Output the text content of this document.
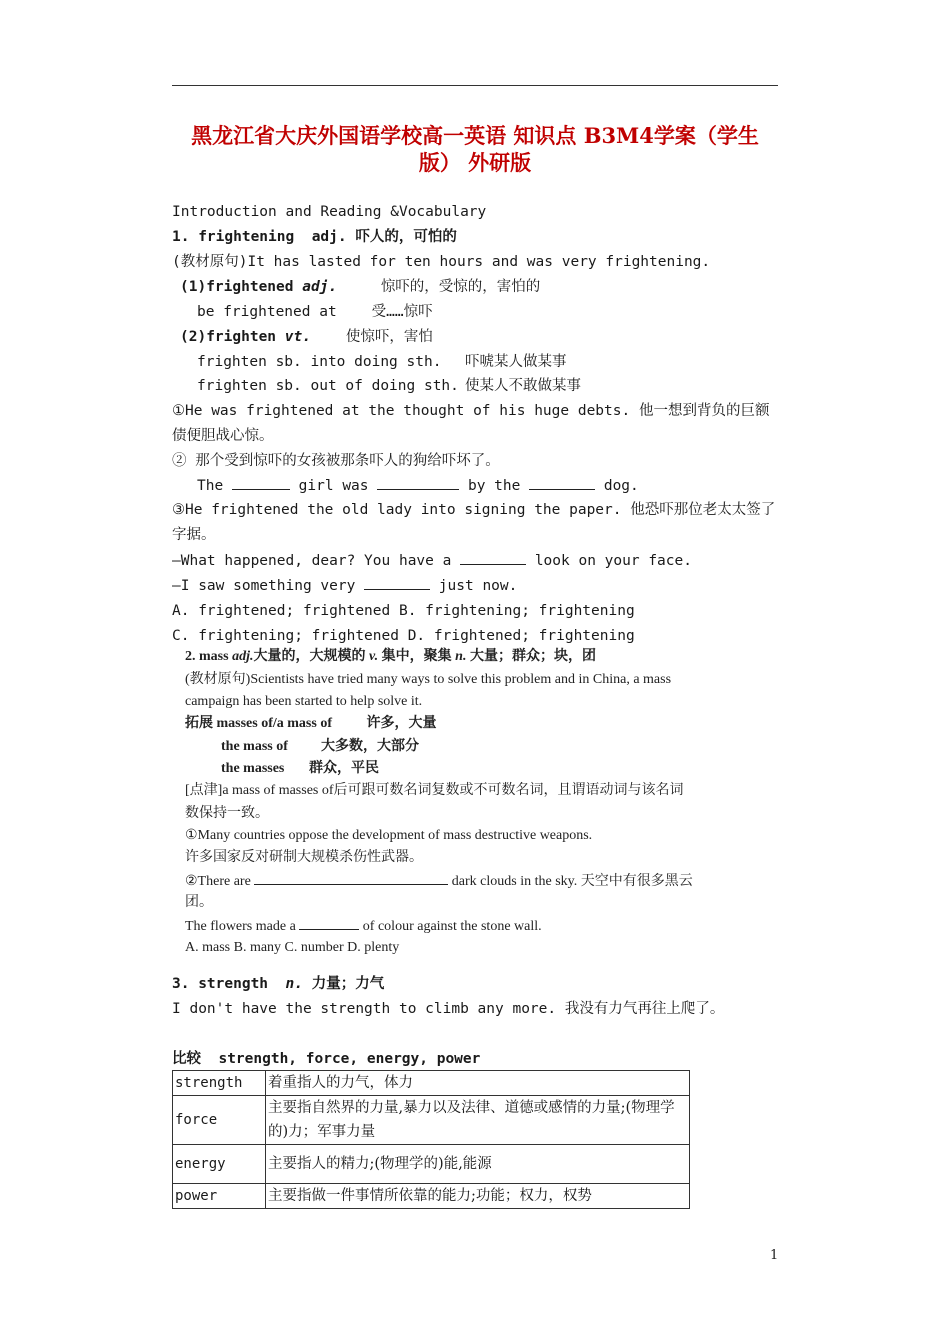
黑龙江省大庆外国语学校高一英语 知识点 B3M4学案（学生版） 外研版
Introduction and Reading &Vocabulary
1. frightening adj. 吓人的，可怕的
(教材原句)It has lasted for ten hours and was very frightening.
(1)frightened adj.	惊吓的，受惊的，害怕的
be frightened at 受……惊吓
(2)frighten vt. 使惊吓，害怕
frighten sb. into doing sth. 吓唬某人做某事
frighten sb. out of doing sth. 使某人不敢做某事
①He was frightened at the thought of his huge debts. 他一想到背负的巨额债便胆战心惊。
② 那个受到惊吓的女孩被那条吓人的狗给吓坏了。
The	girl was	by the	dog.
③He frightened the old lady into signing the paper. 他恐吓那位老太太签了字据。
—What happened, dear? You have a	look on your face.
—I saw something very	just now.
A. frightened; frightened B. frightening; frightening
C. frightening; frightened D. frightened; frightening
2. mass adj.大量的，大规模的 v. 集中，聚集 n. 大量；群众；块，团
(教材原句)Scientists have tried many ways to solve this problem and in China, a mass
campaign has been started to help solve it.
拓展 masses of/a mass of 许多，大量
the mass of 大多数，大部分
the masses 群众，平民
[点津]a mass of masses of后可跟可数名词复数或不可数名词，且谓语动词与该名词
数保持一致。
①Many countries oppose the development of mass destructive weapons.
许多国家反对研制大规模杀伤性武器。
②There are	dark clouds in the sky. 天空中有很多黑云
团。
The flowers made a	of colour against the stone wall.
A. mass B. many C. number D. plenty
3. strength n. 力量；力气
I don't have the strength to climb any more. 我没有力气再往上爬了。
比较 strength, force, energy, power
strength	着重指人的力气，体力
force	主要指自然界的力量,暴力以及法律、道德或感情的力量;(物理学的)力；军事力量
energy	主要指人的精力;(物理学的)能,能源
power	主要指做一件事情所依靠的能力;功能；权力，权势
1
